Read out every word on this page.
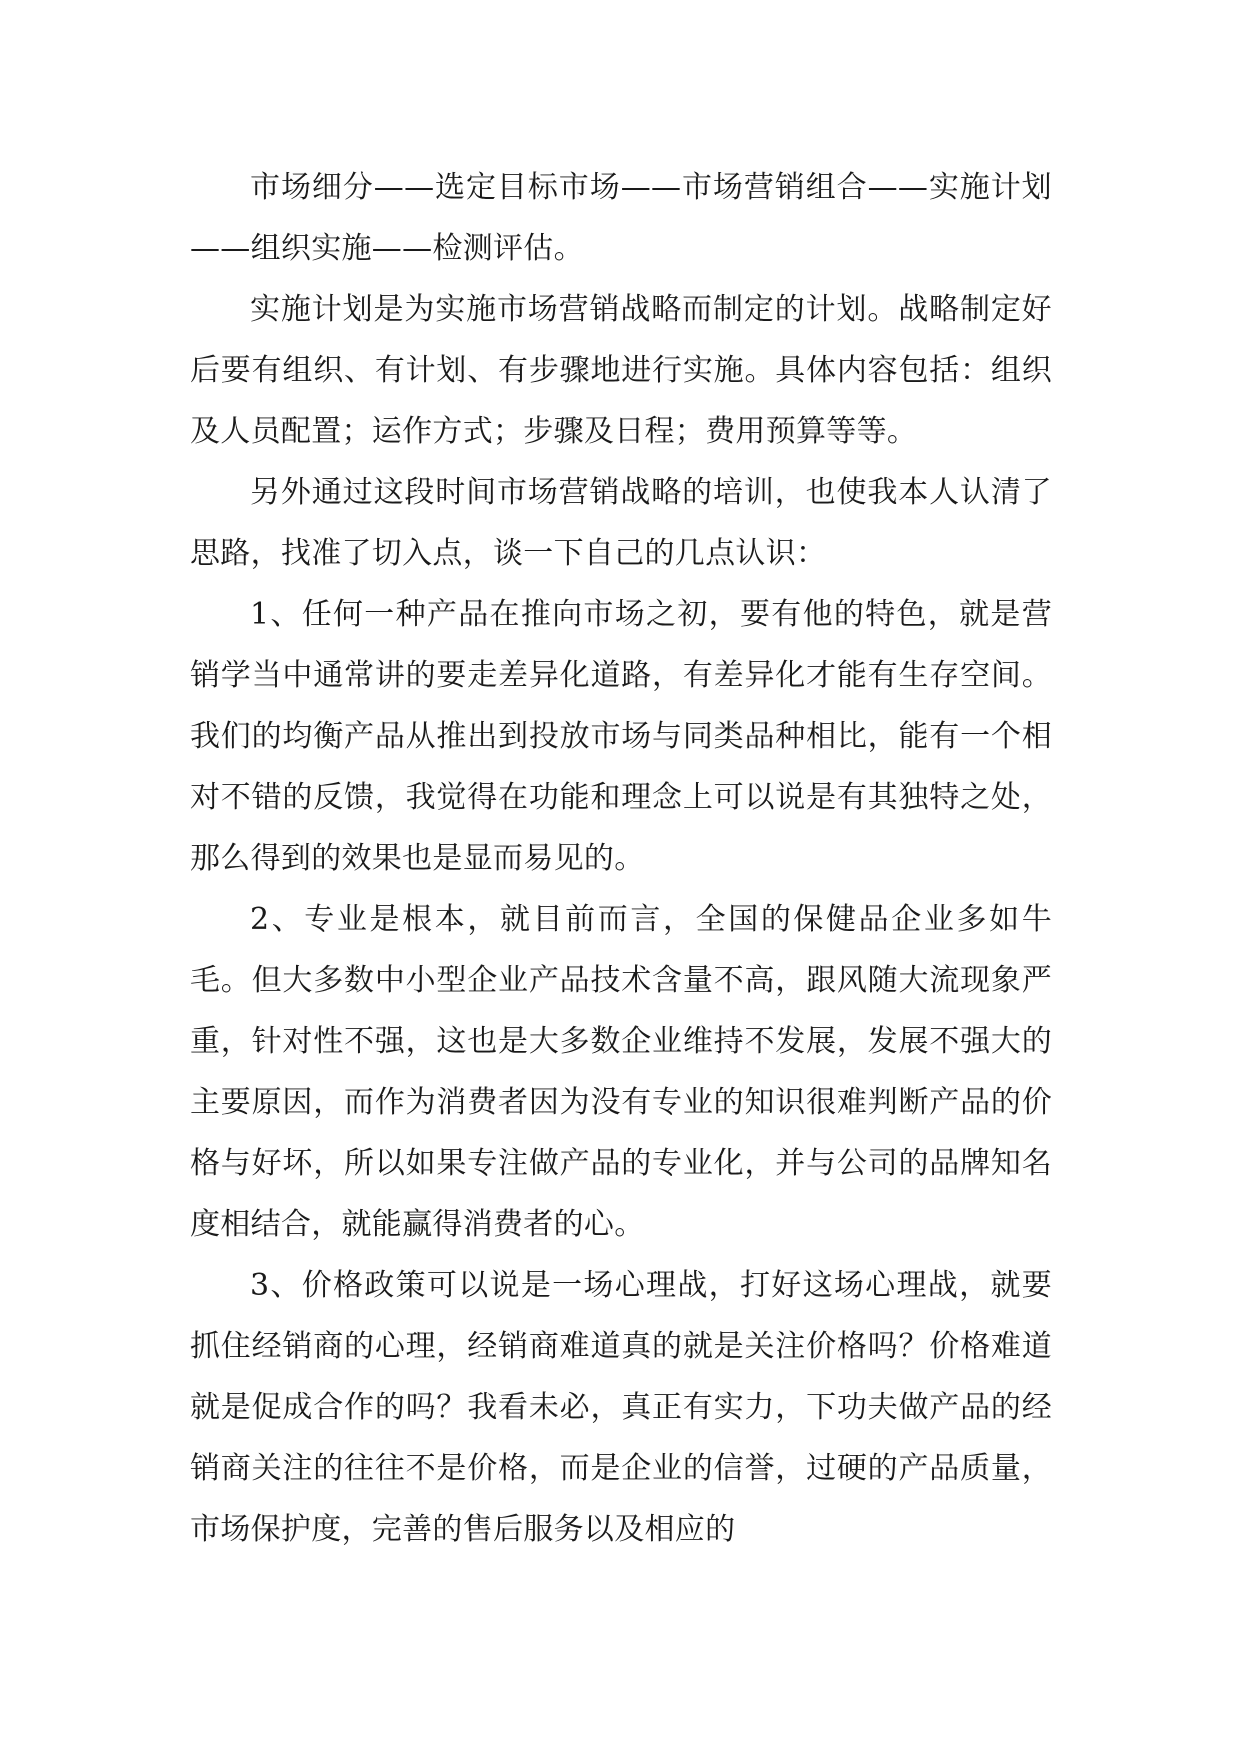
市场细分——选定目标市场——市场营销组合——实施计划——组织实施——检测评估。

实施计划是为实施市场营销战略而制定的计划。战略制定好后要有组织、有计划、有步骤地进行实施。具体内容包括：组织及人员配置；运作方式；步骤及日程；费用预算等等。

另外通过这段时间市场营销战略的培训，也使我本人认清了思路，找准了切入点，谈一下自己的几点认识：

1、任何一种产品在推向市场之初，要有他的特色，就是营销学当中通常讲的要走差异化道路，有差异化才能有生存空间。我们的均衡产品从推出到投放市场与同类品种相比，能有一个相对不错的反馈，我觉得在功能和理念上可以说是有其独特之处，那么得到的效果也是显而易见的。

2、专业是根本，就目前而言，全国的保健品企业多如牛毛。但大多数中小型企业产品技术含量不高，跟风随大流现象严重，针对性不强，这也是大多数企业维持不发展，发展不强大的主要原因，而作为消费者因为没有专业的知识很难判断产品的价格与好坏，所以如果专注做产品的专业化，并与公司的品牌知名度相结合，就能赢得消费者的心。

3、价格政策可以说是一场心理战，打好这场心理战，就要抓住经销商的心理，经销商难道真的就是关注价格吗？价格难道就是促成合作的吗？我看未必，真正有实力，下功夫做产品的经销商关注的往往不是价格，而是企业的信誉，过硬的产品质量，市场保护度，完善的售后服务以及相应的
